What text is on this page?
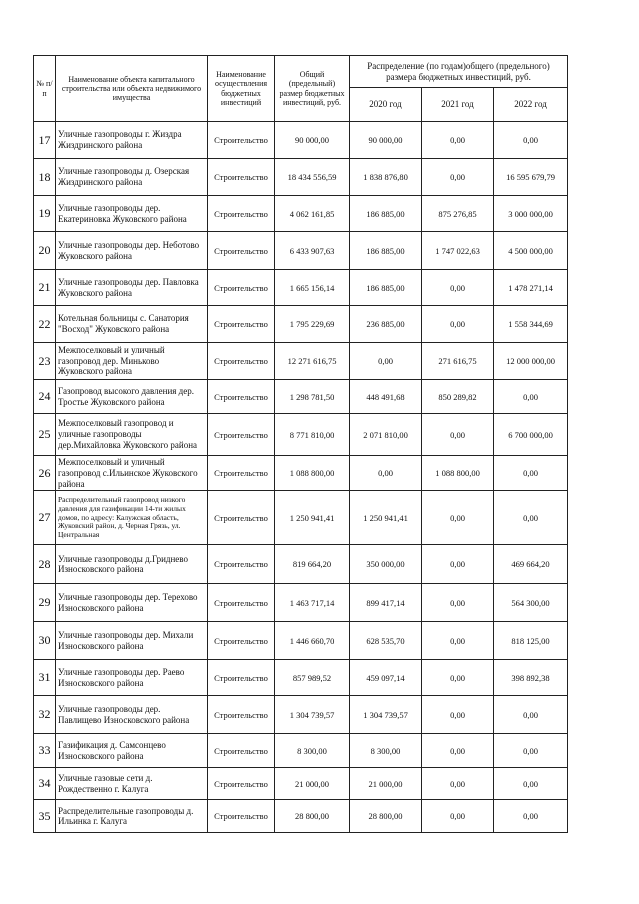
№ п/п	Наименование объекта капитального строительства или объекта недвижимого имущества	Наименование осуществления бюджетных инвестиций	Общий (предельный) размер бюджетных инвестиций, руб.	Распределение (по годам)общего (предельного) размера бюджетных инвестиций, руб.		
				2020 год	2021 год	2022 год
17	Уличные газопроводы г. Жиздра Жиздринского района	Строительство	90 000,00	90 000,00	0,00	0,00
18	Уличные газопроводы д. Озерская Жиздринского района	Строительство	18 434 556,59	1 838 876,80	0,00	16 595 679,79
19	Уличные газопроводы дер. Екатериновка Жуковского района	Строительство	4 062 161,85	186 885,00	875 276,85	3 000 000,00
20	Уличные газопроводы дер. Неботово Жуковского района	Строительство	6 433 907,63	186 885,00	1 747 022,63	4 500 000,00
21	Уличные газопроводы дер. Павловка Жуковского района	Строительство	1 665 156,14	186 885,00	0,00	1 478 271,14
22	Котельная больницы с. Санатория "Восход" Жуковского района	Строительство	1 795 229,69	236 885,00	0,00	1 558 344,69
23	Межпоселковый и уличный газопровод дер. Миньково Жуковского района	Строительство	12 271 616,75	0,00	271 616,75	12 000 000,00
24	Газопровод высокого давления дер. Тростье Жуковского района	Строительство	1 298 781,50	448 491,68	850 289,82	0,00
25	Межпоселковый газопровод и уличные газопроводы дер.Михайловка Жуковского района	Строительство	8 771 810,00	2 071 810,00	0,00	6 700 000,00
26	Межпоселковый и уличный газопровод с.Ильинское Жуковского района	Строительство	1 088 800,00	0,00	1 088 800,00	0,00
27	Распределительный газопровод низкого давления для газификации 14-ти жилых домов, по адресу: Калужская область, Жуковский район, д. Черная Грязь, ул. Центральная	Строительство	1 250 941,41	1 250 941,41	0,00	0,00
28	Уличные газопроводы д.Гриднево Износковского района	Строительство	819 664,20	350 000,00	0,00	469 664,20
29	Уличные газопроводы дер. Терехово Износковского района	Строительство	1 463 717,14	899 417,14	0,00	564 300,00
30	Уличные газопроводы дер. Михали Износковского района	Строительство	1 446 660,70	628 535,70	0,00	818 125,00
31	Уличные газопроводы дер. Раево Износковского района	Строительство	857 989,52	459 097,14	0,00	398 892,38
32	Уличные газопроводы дер. Павлищево Износковского района	Строительство	1 304 739,57	1 304 739,57	0,00	0,00
33	Газификация д. Самсонцево Износковского района	Строительство	8 300,00	8 300,00	0,00	0,00
34	Уличные газовые сети д. Рождественно г. Калуга	Строительство	21 000,00	21 000,00	0,00	0,00
35	Распределительные газопроводы д. Ильинка г. Калуга	Строительство	28 800,00	28 800,00	0,00	0,00
